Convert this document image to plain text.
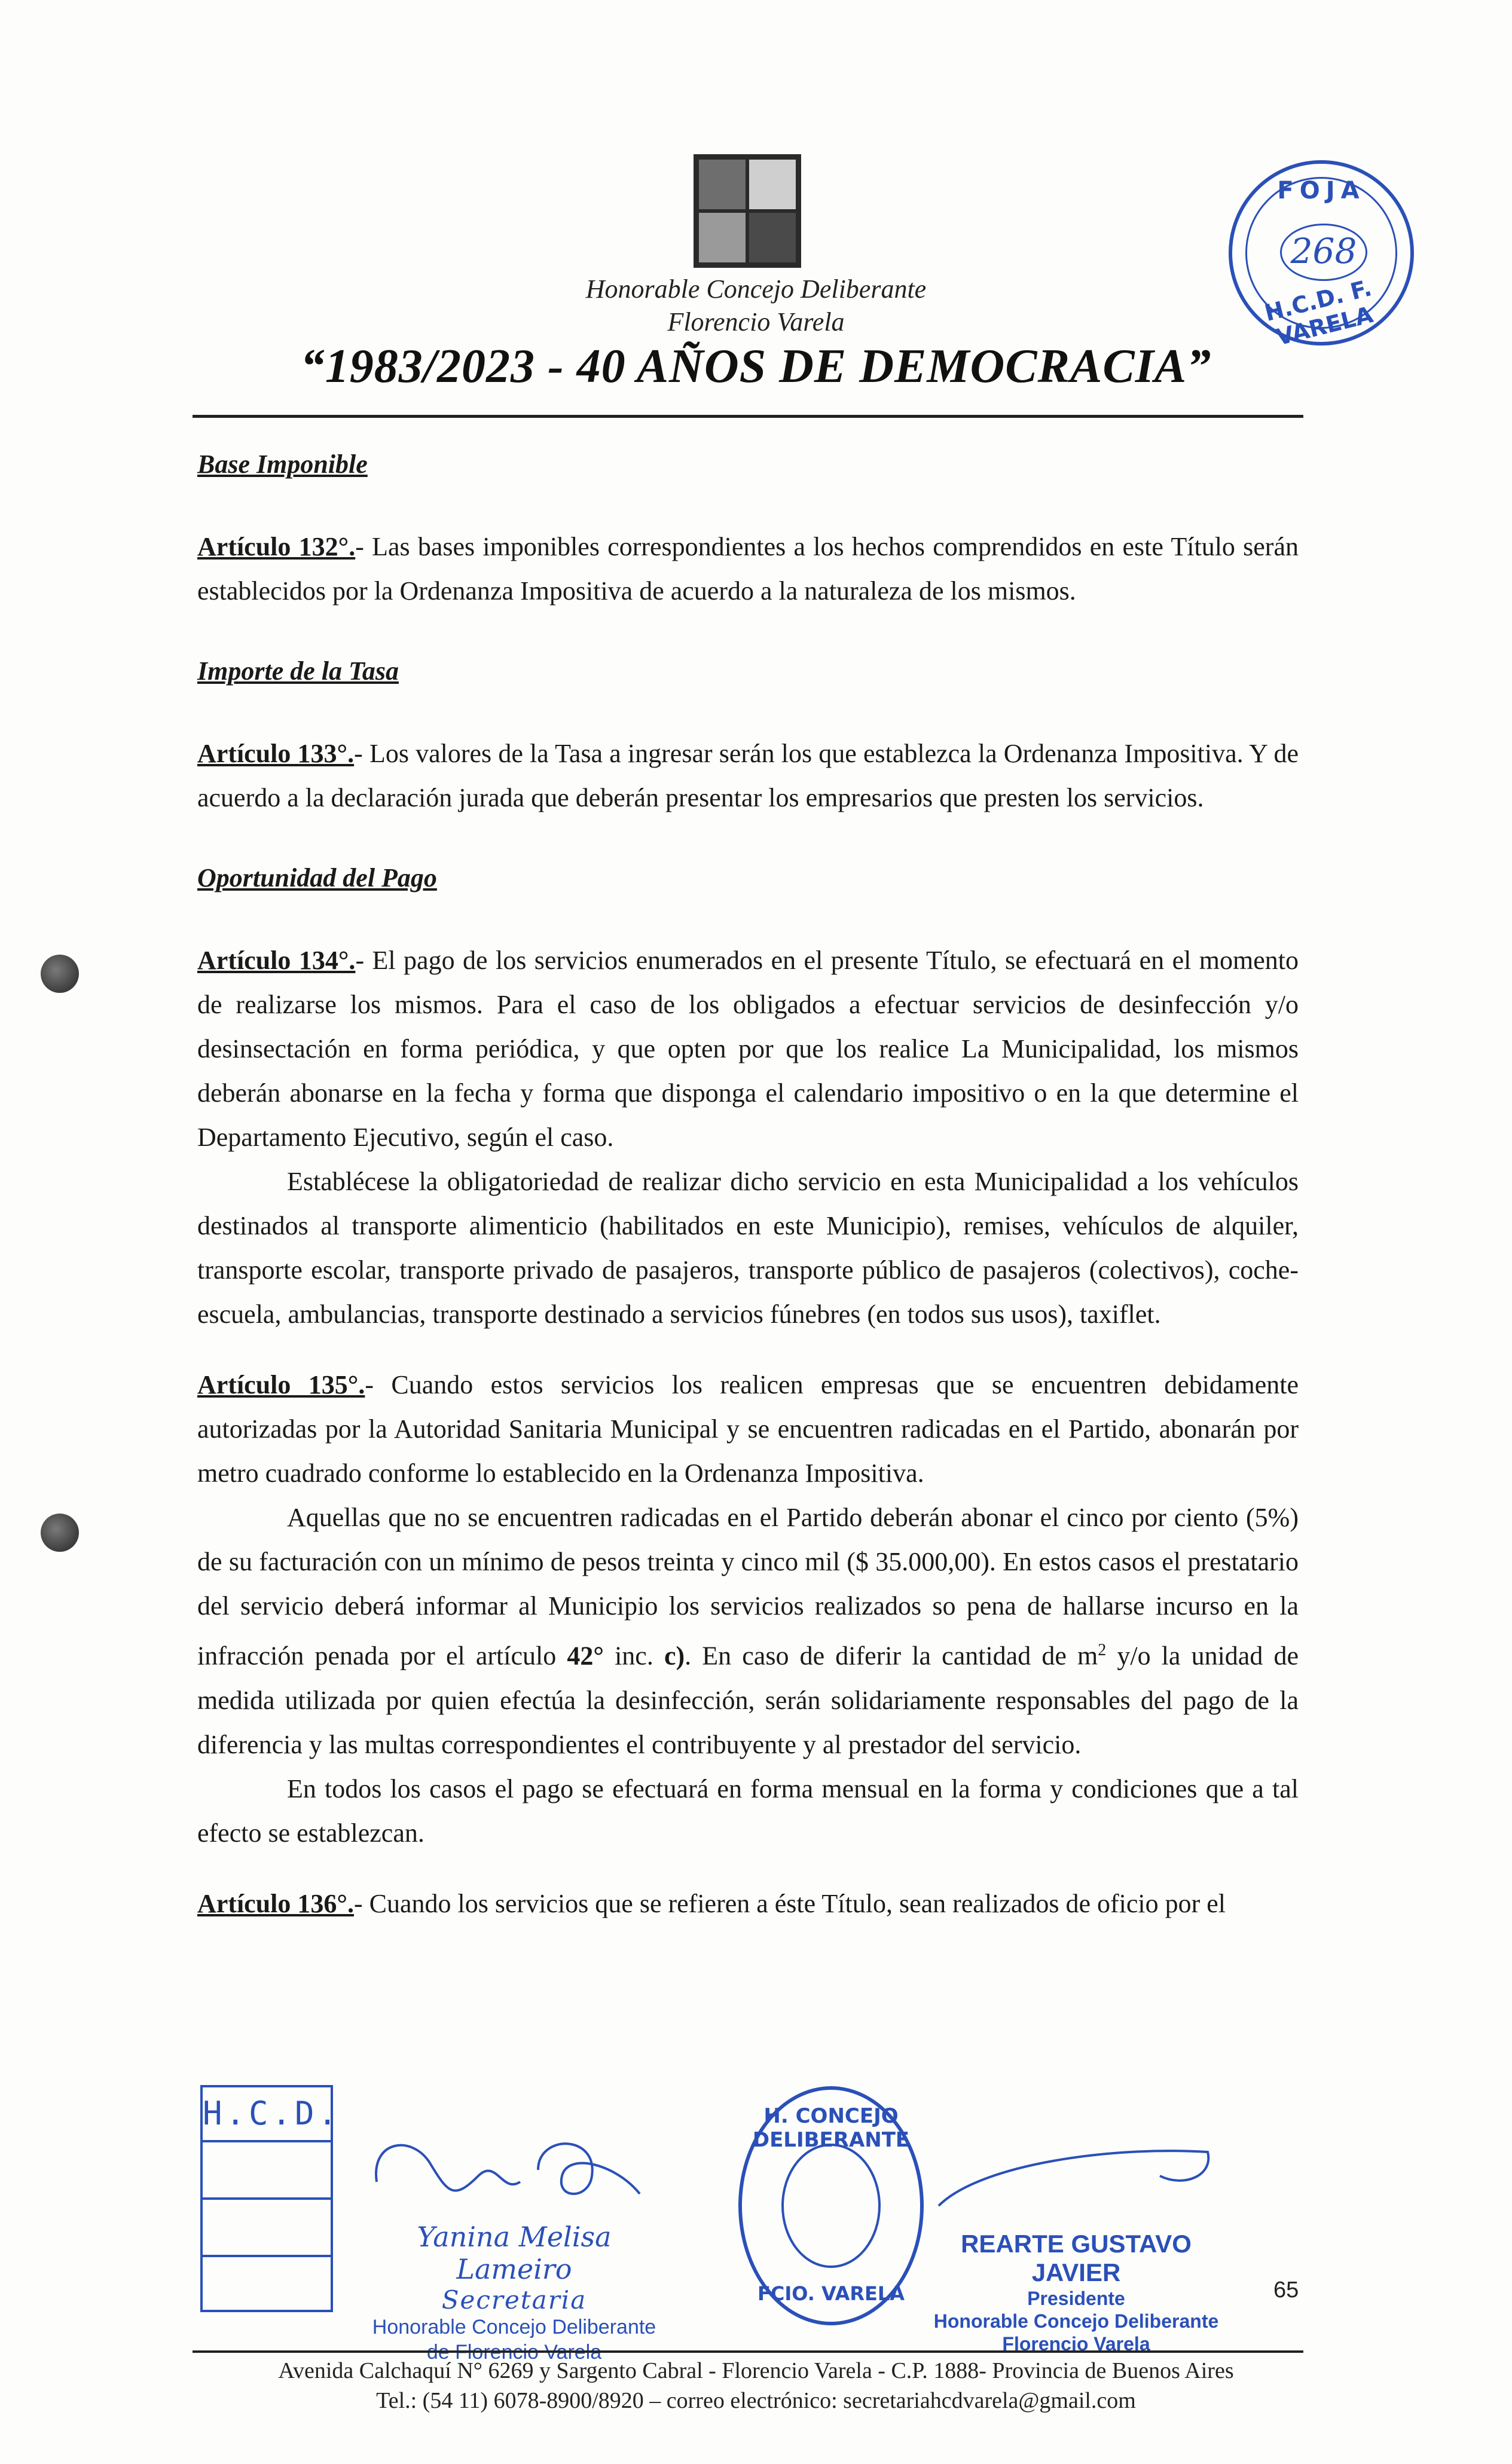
Honorable Concejo Deliberante
Florencio Varela
“1983/2023 - 40 AÑOS DE DEMOCRACIA”
FOJA
268
H.C.D. F. VARELA
Base Imponible

Artículo 132°.- Las bases imponibles correspondientes a los hechos comprendidos en este Título serán establecidos por la Ordenanza Impositiva de acuerdo a la naturaleza de los mismos.

Importe de la Tasa

Artículo 133°.- Los valores de la Tasa a ingresar serán los que establezca la Ordenanza Impositiva. Y de acuerdo a la declaración jurada que deberán presentar los empresarios que presten los servicios.

Oportunidad del Pago

Artículo 134°.- El pago de los servicios enumerados en el presente Título, se efectuará en el momento de realizarse los mismos. Para el caso de los obligados a efectuar servicios de desinfección y/o desinsectación en forma periódica, y que opten por que los realice La Municipalidad, los mismos deberán abonarse en la fecha y forma que disponga el calendario impositivo o en la que determine el Departamento Ejecutivo, según el caso.

Establécese la obligatoriedad de realizar dicho servicio en esta Municipalidad a los vehículos destinados al transporte alimenticio (habilitados en este Municipio), remises, vehículos de alquiler, transporte escolar, transporte privado de pasajeros, transporte público de pasajeros (colectivos), coche-escuela, ambulancias, transporte destinado a servicios fúnebres (en todos sus usos), taxiflet.

Artículo 135°.- Cuando estos servicios los realicen empresas que se encuentren debidamente autorizadas por la Autoridad Sanitaria Municipal y se encuentren radicadas en el Partido, abonarán por metro cuadrado conforme lo establecido en la Ordenanza Impositiva.

Aquellas que no se encuentren radicadas en el Partido deberán abonar el cinco por ciento (5%) de su facturación con un mínimo de pesos treinta y cinco mil ($ 35.000,00). En estos casos el prestatario del servicio deberá informar al Municipio los servicios realizados so pena de hallarse incurso en la infracción penada por el artículo 42° inc. c). En caso de diferir la cantidad de $m^2$ y/o la unidad de medida utilizada por quien efectúa la desinfección, serán solidariamente responsables del pago de la diferencia y las multas correspondientes el contribuyente y al prestador del servicio.

En todos los casos el pago se efectuará en forma mensual en la forma y condiciones que a tal efecto se establezcan.

Artículo 136°.- Cuando los servicios que se refieren a éste Título, sean realizados de oficio por el

H.C.D.
Yanina Melisa Lameiro
Secretaria
Honorable Concejo Deliberante
de Florencio Varela
H. CONCEJO DELIBERANTE
FCIO. VARELA
REARTE GUSTAVO JAVIER
Presidente
Honorable Concejo Deliberante
Florencio Varela
65
Avenida Calchaquí N° 6269 y Sargento Cabral - Florencio Varela - C.P. 1888- Provincia de Buenos Aires
Tel.: (54 11) 6078-8900/8920 – correo electrónico: secretariahcdvarela@gmail.com
